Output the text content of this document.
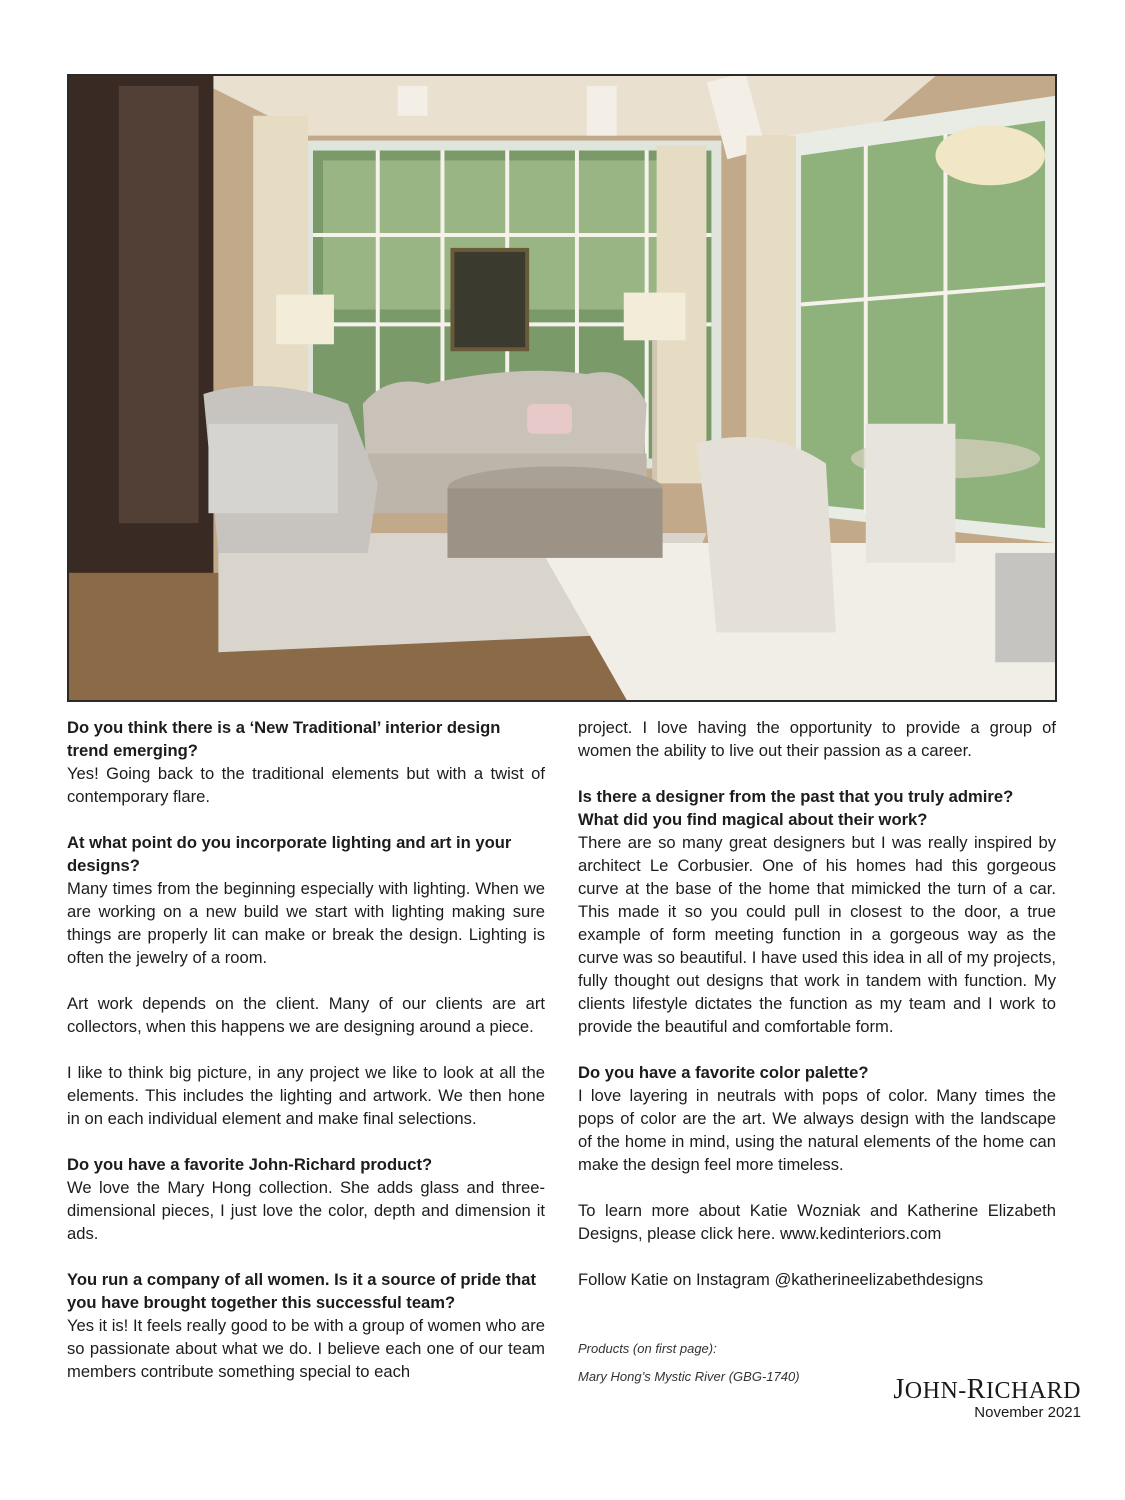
Do you think there is a ‘New Traditional’ interior design trend emerging?
Yes! Going back to the traditional elements but with a twist of contemporary flare.

At what point do you incorporate lighting and art in your designs?
Many times from the beginning especially with lighting. When we are working on a new build we start with lighting making sure things are properly lit can make or break the design. Lighting is often the jewelry of a room.

Art work depends on the client. Many of our clients are art collectors, when this happens we are designing around a piece.

I like to think big picture, in any project we like to look at all the elements. This includes the lighting and artwork. We then hone in on each individual element and make final selections.

Do you have a favorite John-Richard product?
We love the Mary Hong collection. She adds glass and three-dimensional pieces, I just love the color, depth and dimension it ads.

You run a company of all women. Is it a source of pride that you have brought together this successful team?
Yes it is! It feels really good to be with a group of women who are so passionate about what we do. I believe each one of our team members contribute something special to each

project. I love having the opportunity to provide a group of women the ability to live out their passion as a career.

Is there a designer from the past that you truly admire? What did you find magical about their work?
There are so many great designers but I was really inspired by architect Le Corbusier. One of his homes had this gorgeous curve at the base of the home that mimicked the turn of a car. This made it so you could pull in closest to the door, a true example of form meeting function in a gorgeous way as the curve was so beautiful. I have used this idea in all of my projects, fully thought out designs that work in tandem with function. My clients lifestyle dictates the function as my team and I work to provide the beautiful and comfortable form.

Do you have a favorite color palette?
I love layering in neutrals with pops of color. Many times the pops of color are the art. We always design with the landscape of the home in mind, using the natural elements of the home can make the design feel more timeless.

To learn more about Katie Wozniak and Katherine Elizabeth Designs, please click here. www.kedinteriors.com

Follow Katie on Instagram @katherineelizabethdesigns

Products (on first page):
Mary Hong’s Mystic River (GBG-1740)	JOHN-RICHARD
November 2021
